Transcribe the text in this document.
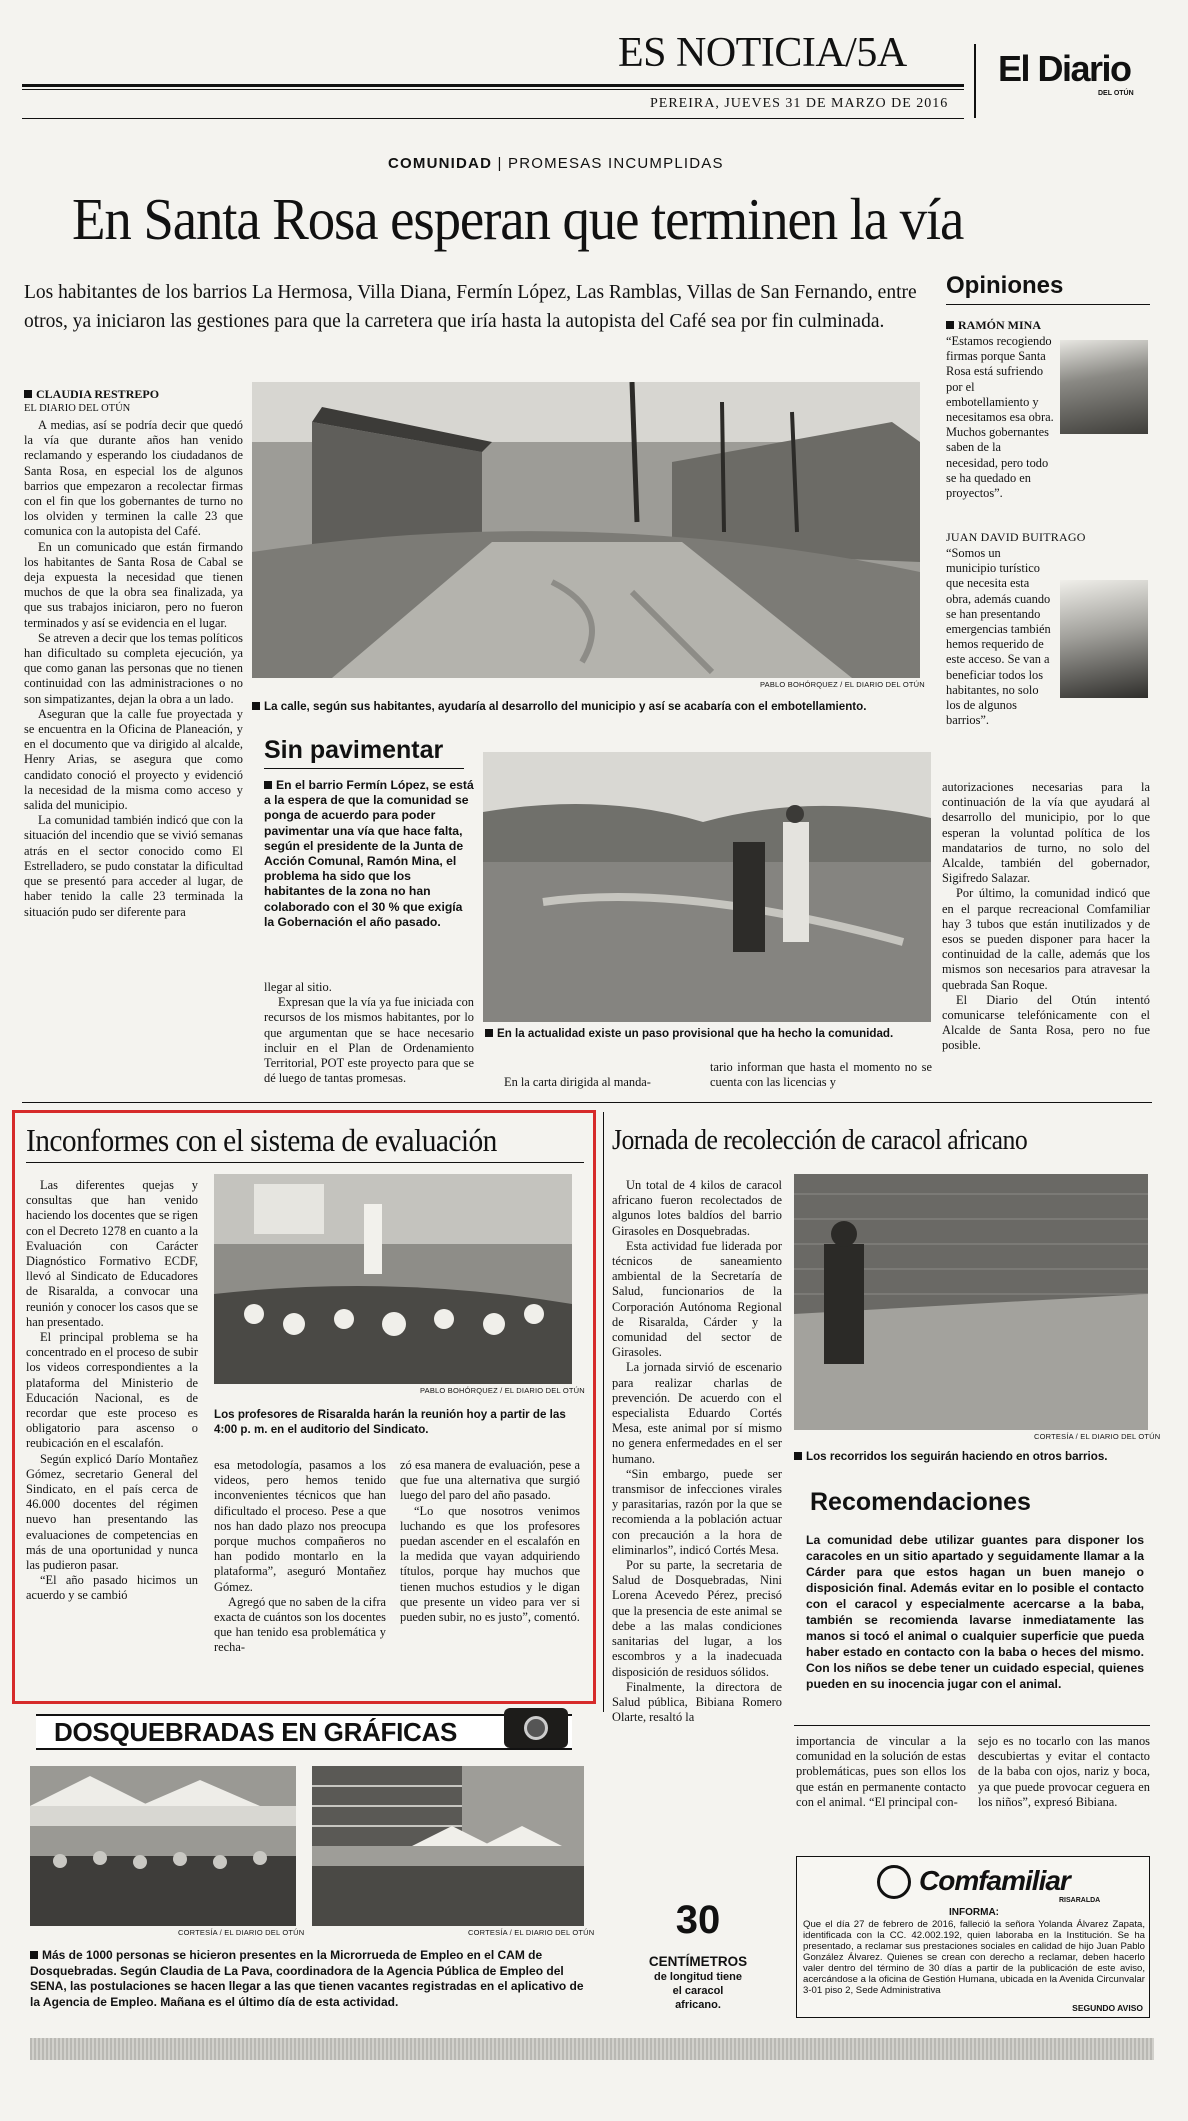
ES NOTICIA/5A	El Diario
DEL OTÚN
PEREIRA, JUEVES 31 DE MARZO DE 2016
COMUNIDAD | PROMESAS INCUMPLIDAS
En Santa Rosa esperan que terminen la vía
Los habitantes de los barrios La Hermosa, Villa Diana, Fermín López, Las Ramblas, Villas de San Fernando, entre otros, ya iniciaron las gestiones para que la carretera que iría hasta la autopista del Café sea por fin culminada.
CLAUDIA RESTREPO
EL DIARIO DEL OTÚN

A medias, así se podría decir que quedó la vía que durante años han venido reclamando y esperando los ciudadanos de Santa Rosa, en especial los de algunos barrios que empezaron a recolectar firmas con el fin que los gobernantes de turno no los olviden y terminen la calle 23 que comunica con la autopista del Café.

En un comunicado que están firmando los habitantes de Santa Rosa de Cabal se deja expuesta la necesidad que tienen muchos de que la obra sea finalizada, ya que sus trabajos iniciaron, pero no fueron terminados y así se evidencia en el lugar.

Se atreven a decir que los temas políticos han dificultado su completa ejecución, ya que como ganan las personas que no tienen continuidad con las administraciones o no son simpatizantes, dejan la obra a un lado.

Aseguran que la calle fue proyectada y se encuentra en la Oficina de Planeación, y en el documento que va dirigido al alcalde, Henry Arias, se asegura que como candidato conoció el proyecto y evidenció la necesidad de la misma como acceso y salida del municipio.

La comunidad también indicó que con la situación del incendio que se vivió semanas atrás en el sector conocido como El Estrelladero, se pudo constatar la dificultad que se presentó para acceder al lugar, de haber tenido la calle 23 terminada la situación pudo ser diferente para

PABLO BOHÓRQUEZ / EL DIARIO DEL OTÚN
La calle, según sus habitantes, ayudaría al desarrollo del municipio y así se acabaría con el embotellamiento.
Sin pavimentar
En el barrio Fermín López, se está a la espera de que la comunidad se ponga de acuerdo para poder pavimentar una vía que hace falta, según el presidente de la Junta de Acción Comunal, Ramón Mina, el problema ha sido que los habitantes de la zona no han colaborado con el 30 % que exigía la Gobernación el año pasado.

llegar al sitio.

Expresan que la vía ya fue iniciada con recursos de los mismos habitantes, por lo que argumentan que se hace necesario incluir en el Plan de Ordenamiento Territorial, POT este proyecto para que se dé luego de tantas promesas.	En la carta dirigida al manda-
En la actualidad existe un paso provisional que ha hecho la comunidad.
tario informan que hasta el momento no se cuenta con las licencias y

autorizaciones necesarias para la continuación de la vía que ayudará al desarrollo del municipio, por lo que esperan la voluntad política de los mandatarios de turno, no solo del Alcalde, también del gobernador, Sigifredo Salazar.

Por último, la comunidad indicó que en el parque recreacional Comfamiliar hay 3 tubos que están inutilizados y de esos se pueden disponer para hacer la continuidad de la calle, además que los mismos son necesarios para atravesar la quebrada San Roque.

El Diario del Otún intentó comunicarse telefónicamente con el Alcalde de Santa Rosa, pero no fue posible.

Opiniones
RAMÓN MINA
“Estamos recogiendo firmas porque Santa Rosa está sufriendo por el embotellamiento y necesitamos esa obra. Muchos gobernantes saben de la necesidad, pero todo se ha quedado en proyectos”.
JUAN DAVID BUITRAGO
“Somos un municipio turístico que necesita esta obra, además cuando se han presentando emergencias también hemos requerido de este acceso. Se van a beneficiar todos los habitantes, no solo los de algunos barrios”.
Inconformes con el sistema de evaluación

Las diferentes quejas y consultas que han venido haciendo los docentes que se rigen con el Decreto 1278 en cuanto a la Evaluación con Carácter Diagnóstico Formativo ECDF, llevó al Sindicato de Educadores de Risaralda, a convocar una reunión y conocer los casos que se han presentado.

El principal problema se ha concentrado en el proceso de subir los videos correspondientes a la plataforma del Ministerio de Educación Nacional, es de recordar que este proceso es obligatorio para ascenso o reubicación en el escalafón.

Según explicó Darío Montañez Gómez, secretario General del Sindicato, en el país cerca de 46.000 docentes del régimen nuevo han presentando las evaluaciones de competencias en más de una oportunidad y nunca las pudieron pasar.

“El año pasado hicimos un acuerdo y se cambió

PABLO BOHÓRQUEZ / EL DIARIO DEL OTÚN
Los profesores de Risaralda harán la reunión hoy a partir de las 4:00 p. m. en el auditorio del Sindicato.

esa metodología, pasamos a los videos, pero hemos tenido inconvenientes técnicos que han dificultado el proceso. Pese a que nos han dado plazo nos preocupa porque muchos compañeros no han podido montarlo en la plataforma”, aseguró Montañez Gómez.

Agregó que no saben de la cifra exacta de cuántos son los docentes que han tenido esa problemática y recha-

zó esa manera de evaluación, pese a que fue una alternativa que surgió luego del paro del año pasado.

“Lo que nosotros venimos luchando es que los profesores puedan ascender en el escalafón en la medida que vayan adquiriendo títulos, porque hay muchos que tienen muchos estudios y le digan que presente un video para ver si pueden subir, no es justo”, comentó.

Jornada de recolección de caracol africano

Un total de 4 kilos de caracol africano fueron recolectados de algunos lotes baldíos del barrio Girasoles en Dosquebradas.

Esta actividad fue liderada por técnicos de saneamiento ambiental de la Secretaría de Salud, funcionarios de la Corporación Autónoma Regional de Risaralda, Cárder y la comunidad del sector de Girasoles.

La jornada sirvió de escenario para realizar charlas de prevención. De acuerdo con el especialista Eduardo Cortés Mesa, este animal por sí mismo no genera enfermedades en el ser humano.

“Sin embargo, puede ser transmisor de infecciones virales y parasitarias, razón por la que se recomienda a la población actuar con precaución a la hora de eliminarlos”, indicó Cortés Mesa.

Por su parte, la secretaria de Salud de Dosquebradas, Nini Lorena Acevedo Pérez, precisó que la presencia de este animal se debe a las malas condiciones sanitarias del lugar, a los escombros y a la inadecuada disposición de residuos sólidos.

Finalmente, la directora de Salud pública, Bibiana Romero Olarte, resaltó la

CORTESÍA / EL DIARIO DEL OTÚN
Los recorridos los seguirán haciendo en otros barrios.
Recomendaciones
La comunidad debe utilizar guantes para disponer los caracoles en un sitio apartado y seguidamente llamar a la Cárder para que estos hagan un buen manejo o disposición final. Además evitar en lo posible el contacto con el caracol y especialmente acercarse a la baba, también se recomienda lavarse inmediatamente las manos si tocó el animal o cualquier superficie que pueda haber estado en contacto con la baba o heces del mismo. Con los niños se debe tener un cuidado especial, quienes pueden en su inocencia jugar con el animal.
importancia de vincular a la comunidad en la solución de estas problemáticas, pues son ellos los que están en permanente contacto con el animal. “El principal con-
sejo es no tocarlo con las manos descubiertas y evitar el contacto de la baba con ojos, nariz y boca, ya que puede provocar ceguera en los niños”, expresó Bibiana.
30
CENTÍMETROS
de longitud tiene el caracol africano.
Comfamiliar
RISARALDA
INFORMA:
Que el día 27 de febrero de 2016, falleció la señora Yolanda Álvarez Zapata, identificada con la CC. 42.002.192, quien laboraba en la Institución. Se ha presentado, a reclamar sus prestaciones sociales en calidad de hijo Juan Pablo González Álvarez. Quienes se crean con derecho a reclamar, deben hacerlo valer dentro del término de 30 días a partir de la publicación de este aviso, acercándose a la oficina de Gestión Humana, ubicada en la Avenida Circunvalar 3-01 piso 2, Sede Administrativa
SEGUNDO AVISO
DOSQUEBRADAS EN GRÁFICAS
CORTESÍA / EL DIARIO DEL OTÚN	CORTESÍA / EL DIARIO DEL OTÚN
Más de 1000 personas se hicieron presentes en la Microrrueda de Empleo en el CAM de Dosquebradas. Según Claudia de La Pava, coordinadora de la Agencia Pública de Empleo del SENA, las postulaciones se hacen llegar a las que tienen vacantes registradas en el aplicativo de la Agencia de Empleo. Mañana es el último día de esta actividad.
